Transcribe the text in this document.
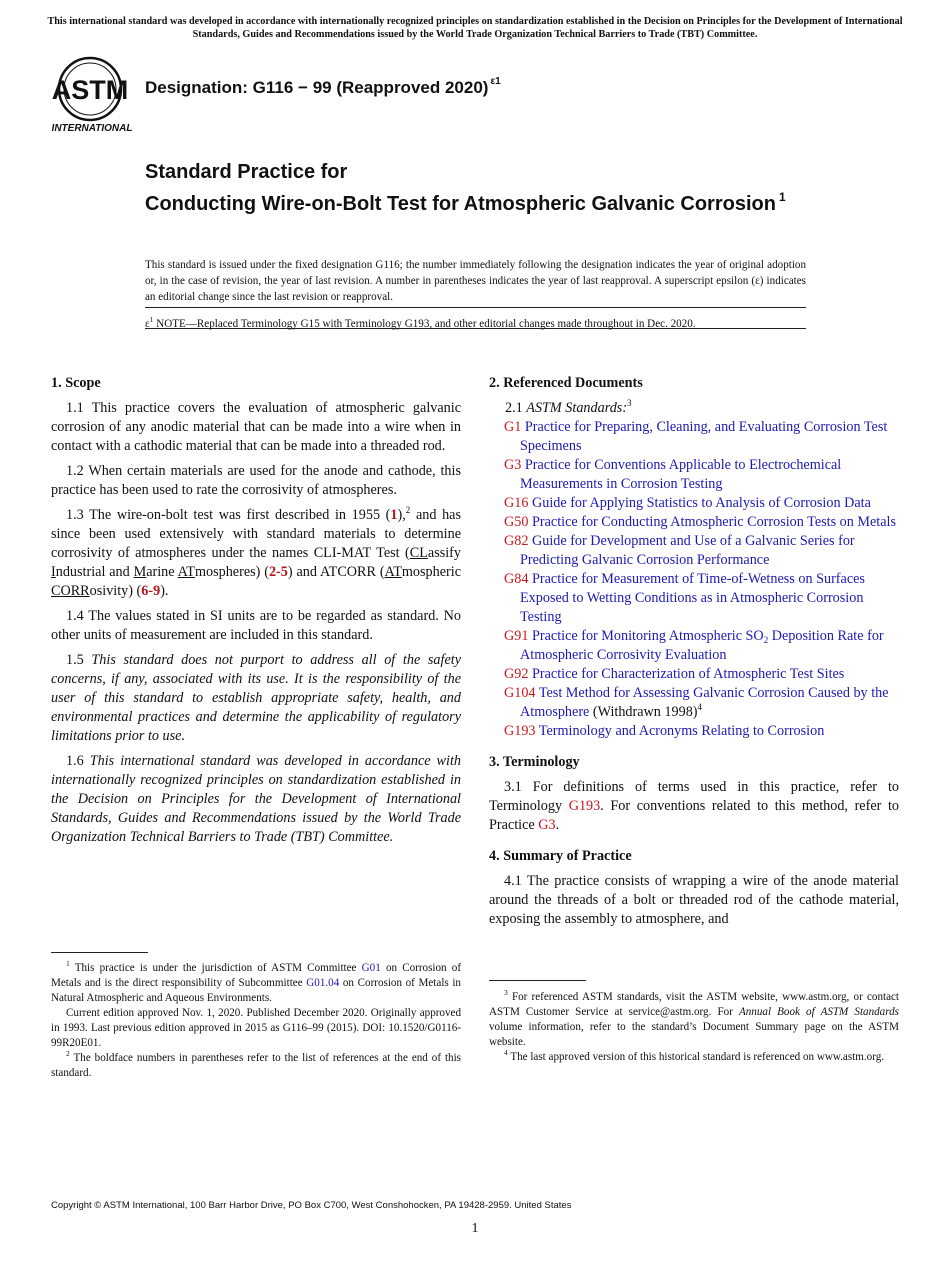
This international standard was developed in accordance with internationally recognized principles on standardization established in the Decision on Principles for the Development of International Standards, Guides and Recommendations issued by the World Trade Organization Technical Barriers to Trade (TBT) Committee.
ASTM
INTERNATIONAL
Designation: G116 − 99 (Reapproved 2020) $^{\varepsilon 1}$
Standard Practice for
Conducting Wire-on-Bolt Test for Atmospheric Galvanic Corrosion $^1$
This standard is issued under the fixed designation G116; the number immediately following the designation indicates the year of original adoption or, in the case of revision, the year of last revision. A number in parentheses indicates the year of last reapproval. A superscript epsilon (ε) indicates an editorial change since the last revision or reapproval.
$\varepsilon^1$ NOTE—Replaced Terminology G15 with Terminology G193, and other editorial changes made throughout in Dec. 2020.
1. Scope

1.1 This practice covers the evaluation of atmospheric galvanic corrosion of any anodic material that can be made into a wire when in contact with a cathodic material that can be made into a threaded rod.

1.2 When certain materials are used for the anode and cathode, this practice has been used to rate the corrosivity of atmospheres.

1.3 The wire-on-bolt test was first described in 1955 (1),$^2$ and has since been used extensively with standard materials to determine corrosivity of atmospheres under the names CLI-MAT Test (CLassify Industrial and Marine ATmospheres) (2-5) and ATCORR (ATmospheric CORRosivity) (6-9).

1.4 The values stated in SI units are to be regarded as standard. No other units of measurement are included in this standard.

1.5 This standard does not purport to address all of the safety concerns, if any, associated with its use. It is the responsibility of the user of this standard to establish appropriate safety, health, and environmental practices and determine the applicability of regulatory limitations prior to use.

1.6 This international standard was developed in accordance with internationally recognized principles on standardization established in the Decision on Principles for the Development of International Standards, Guides and Recommendations issued by the World Trade Organization Technical Barriers to Trade (TBT) Committee.

2. Referenced Documents
2.1 ASTM Standards:$^3$
G1 Practice for Preparing, Cleaning, and Evaluating Corrosion Test Specimens
G3 Practice for Conventions Applicable to Electrochemical Measurements in Corrosion Testing
G16 Guide for Applying Statistics to Analysis of Corrosion Data
G50 Practice for Conducting Atmospheric Corrosion Tests on Metals
G82 Guide for Development and Use of a Galvanic Series for Predicting Galvanic Corrosion Performance
G84 Practice for Measurement of Time-of-Wetness on Surfaces Exposed to Wetting Conditions as in Atmospheric Corrosion Testing
G91 Practice for Monitoring Atmospheric $SO_2$ Deposition Rate for Atmospheric Corrosivity Evaluation
G92 Practice for Characterization of Atmospheric Test Sites
G104 Test Method for Assessing Galvanic Corrosion Caused by the Atmosphere (Withdrawn 1998)$^4$
G193 Terminology and Acronyms Relating to Corrosion
3. Terminology

3.1 For definitions of terms used in this practice, refer to Terminology G193. For conventions related to this method, refer to Practice G3.

4. Summary of Practice

4.1 The practice consists of wrapping a wire of the anode material around the threads of a bolt or threaded rod of the cathode material, exposing the assembly to atmosphere, and

$^1$ This practice is under the jurisdiction of ASTM Committee G01 on Corrosion of Metals and is the direct responsibility of Subcommittee G01.04 on Corrosion of Metals in Natural Atmospheric and Aqueous Environments.

Current edition approved Nov. 1, 2020. Published December 2020. Originally approved in 1993. Last previous edition approved in 2015 as G116–99 (2015). DOI: 10.1520/G0116-99R20E01.

$^2$ The boldface numbers in parentheses refer to the list of references at the end of this standard.

$^3$ For referenced ASTM standards, visit the ASTM website, www.astm.org, or contact ASTM Customer Service at service@astm.org. For Annual Book of ASTM Standards volume information, refer to the standard’s Document Summary page on the ASTM website.

$^4$ The last approved version of this historical standard is referenced on www.astm.org.

Copyright © ASTM International, 100 Barr Harbor Drive, PO Box C700, West Conshohocken, PA 19428-2959. United States
1
